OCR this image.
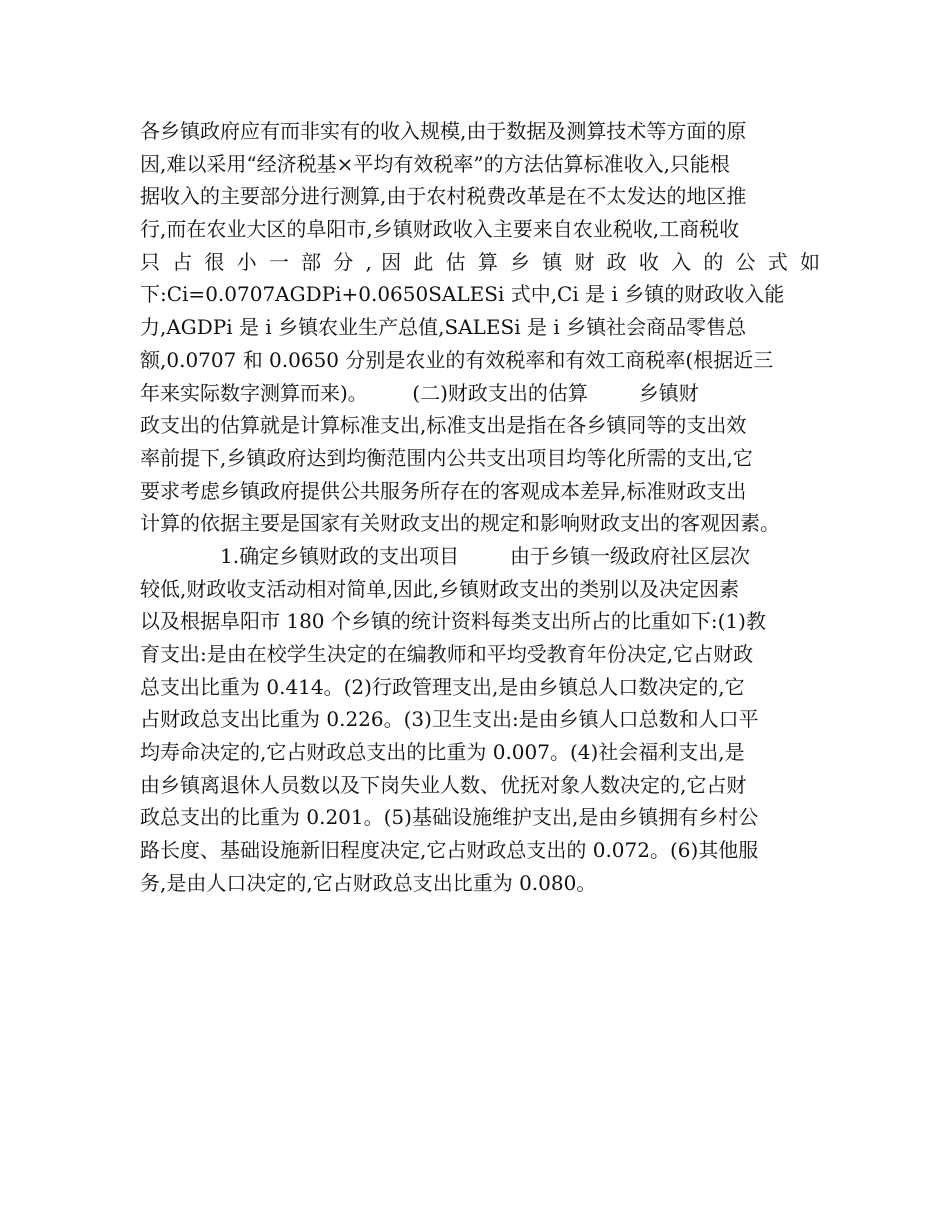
各乡镇政府应有而非实有的收入规模,由于数据及测算技术等方面的原
因,难以采用“经济税基×平均有效税率”的方法估算标准收入,只能根
据收入的主要部分进行测算,由于农村税费改革是在不太发达的地区推
行,而在农业大区的阜阳市,乡镇财政收入主要来自农业税收,工商税收
只 占 很 小 一 部 分 , 因 此 估 算 乡 镇 财 政 收 入 的 公 式 如
下:Ci=0.0707AGDPi+0.0650SALESi 式中,Ci 是 i 乡镇的财政收入能
力,AGDPi 是 i 乡镇农业生产总值,SALESi 是 i 乡镇社会商品零售总
额,0.0707 和 0.0650 分别是农业的有效税率和有效工商税率(根据近三
年来实际数字测算而来)。       (二)财政支出的估算        乡镇财
政支出的估算就是计算标准支出,标准支出是指在各乡镇同等的支出效
率前提下,乡镇政府达到均衡范围内公共支出项目均等化所需的支出,它
要求考虑乡镇政府提供公共服务所存在的客观成本差异,标准财政支出
计算的依据主要是国家有关财政支出的规定和影响财政支出的客观因素。
1.确定乡镇财政的支出项目        由于乡镇一级政府社区层次
较低,财政收支活动相对简单,因此,乡镇财政支出的类别以及决定因素
以及根据阜阳市 180 个乡镇的统计资料每类支出所占的比重如下:(1)教
育支出:是由在校学生决定的在编教师和平均受教育年份决定,它占财政
总支出比重为 0.414。(2)行政管理支出,是由乡镇总人口数决定的,它
占财政总支出比重为 0.226。(3)卫生支出:是由乡镇人口总数和人口平
均寿命决定的,它占财政总支出的比重为 0.007。(4)社会福利支出,是
由乡镇离退休人员数以及下岗失业人数、优抚对象人数决定的,它占财
政总支出的比重为 0.201。(5)基础设施维护支出,是由乡镇拥有乡村公
路长度、基础设施新旧程度决定,它占财政总支出的 0.072。(6)其他服
务,是由人口决定的,它占财政总支出比重为 0.080。
